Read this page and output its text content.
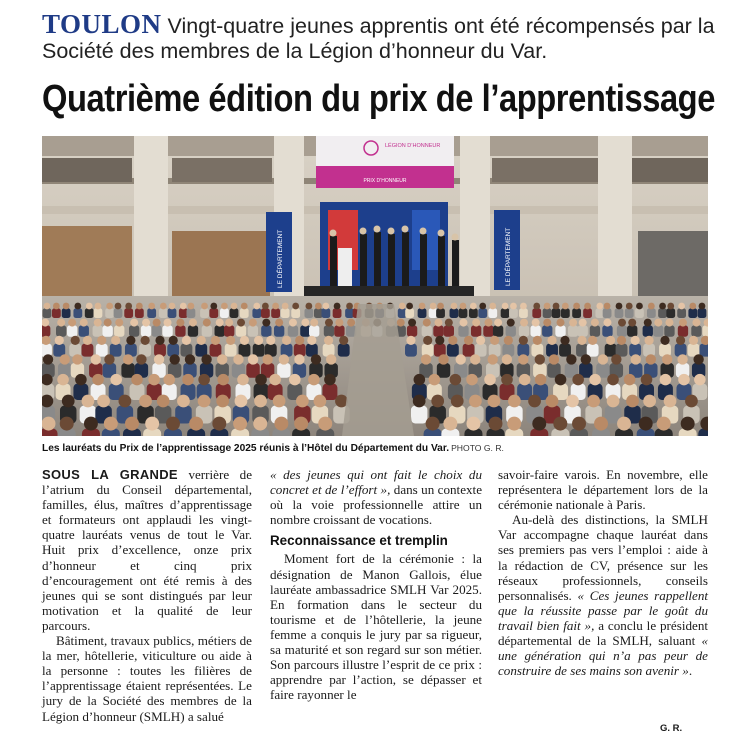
TOULON Vingt-quatre jeunes apprentis ont été récompensés par la Société des membres de la Légion d’honneur du Var.
Quatrième édition du prix de l’apprentissage
LÉGION D’HONNEUR
PRIX D’HONNEUR
LE DÉPARTEMENT	LE DÉPARTEMENT
Les lauréats du Prix de l’apprentissage 2025 réunis à l’Hôtel du Département du Var. PHOTO G. R.

SOUS LA GRANDE verrière de l’atrium du Conseil départemental, familles, élus, maîtres d’apprentissage et formateurs ont applaudi les vingt-quatre lauréats venus de tout le Var. Huit prix d’excellence, onze prix d’honneur et cinq prix d’encouragement ont été remis à des jeunes qui se sont distingués par leur motivation et la qualité de leur parcours.

Bâtiment, travaux publics, métiers de la mer, hôtellerie, viticulture ou aide à la personne : toutes les filières de l’apprentissage étaient représentées. Le jury de la Société des membres de la Légion d’honneur (SMLH) a salué

« des jeunes qui ont fait le choix du concret et de l’effort », dans un contexte où la voie professionnelle attire un nombre croissant de vocations.

Reconnaissance et tremplin

Moment fort de la cérémonie : la désignation de Manon Gallois, élue lauréate ambassadrice SMLH Var 2025. En formation dans le secteur du tourisme et de l’hôtellerie, la jeune femme a conquis le jury par sa rigueur, sa maturité et son regard sur son métier. Son parcours illustre l’esprit de ce prix : apprendre par l’action, se dépasser et faire rayonner le

savoir-faire varois. En novembre, elle représentera le département lors de la cérémonie nationale à Paris.

Au-delà des distinctions, la SMLH Var accompagne chaque lauréat dans ses premiers pas vers l’emploi : aide à la rédaction de CV, présence sur les réseaux professionnels, conseils personnalisés. « Ces jeunes rappellent que la réussite passe par le goût du travail bien fait », a conclu le président départemental de la SMLH, saluant « une génération qui n’a pas peur de construire de ses mains son avenir ».

G. R.
